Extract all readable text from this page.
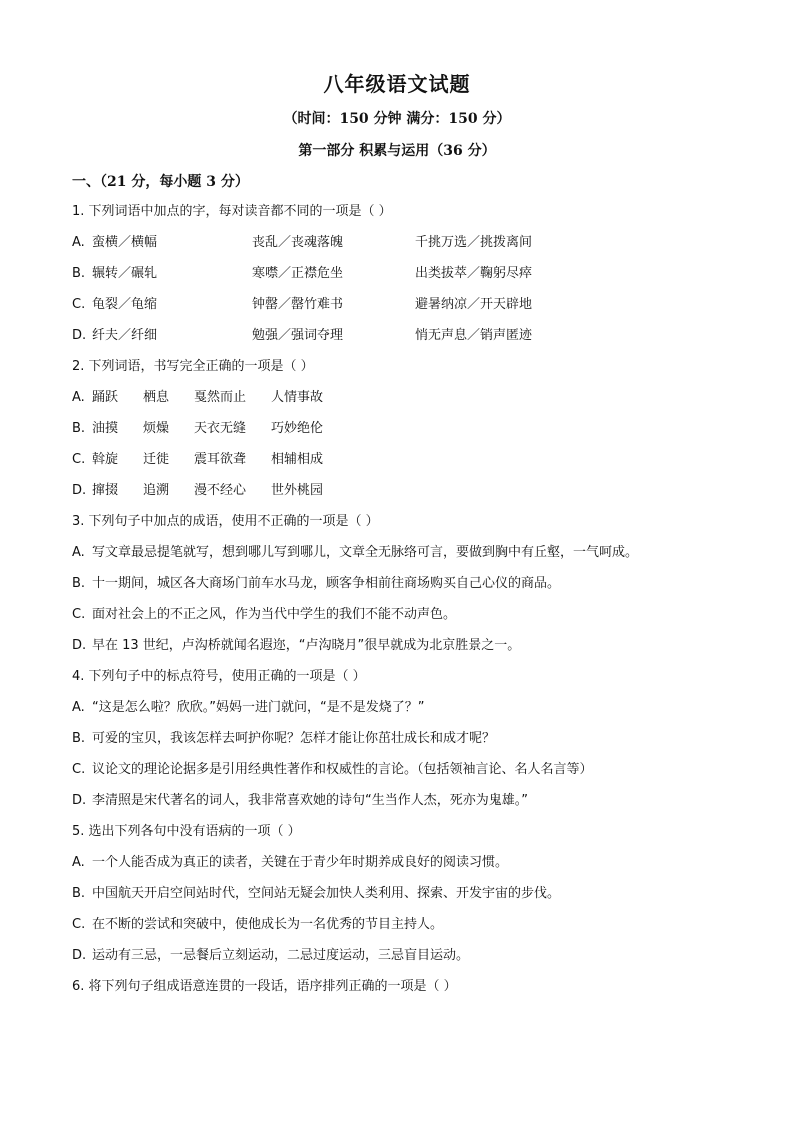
八年级语文试题
（时间：150 分钟 满分：150 分）
第一部分 积累与运用（36 分）
一、（21 分，每小题 3 分）
1. 下列词语中加点的字，每对读音都不同的一项是（ ）
A. 蛮横／横幅	丧乱／丧魂落魄	千挑万选／挑拨离间
B. 辗转／碾轧	寒噤／正襟危坐	出类拔萃／鞠躬尽瘁
C. 龟裂／龟缩	钟罄／罄竹难书	避暑纳凉／开天辟地
D. 纤夫／纤细	勉强／强词夺理	悄无声息／销声匿迹
2. 下列词语，书写完全正确的一项是（ ）
A. 踊跃	栖息	戛然而止	人情事故
B. 油摸	烦燥	天衣无缝	巧妙绝伦
C. 斡旋	迁徙	震耳欲聋	相辅相成
D. 撺掇	追溯	漫不经心	世外桃园
3. 下列句子中加点的成语，使用不正确的一项是（ ）
A. 写文章最忌提笔就写，想到哪儿写到哪儿，文章全无脉络可言，要做到胸中有丘壑，一气呵成。
B. 十一期间，城区各大商场门前车水马龙，顾客争相前往商场购买自己心仪的商品。
C. 面对社会上的不正之风，作为当代中学生的我们不能不动声色。
D. 早在 13 世纪，卢沟桥就闻名遐迩，“卢沟晓月”很早就成为北京胜景之一。
4. 下列句子中的标点符号，使用正确的一项是（ ）
A. “这是怎么啦？欣欣。”妈妈一进门就问，“是不是发烧了？”
B. 可爱的宝贝，我该怎样去呵护你呢？怎样才能让你茁壮成长和成才呢？
C. 议论文的理论论据多是引用经典性著作和权威性的言论。（包括领袖言论、名人名言等）
D. 李清照是宋代著名的词人，我非常喜欢她的诗句“生当作人杰，死亦为鬼雄。”
5. 选出下列各句中没有语病的一项（ ）
A. 一个人能否成为真正的读者，关键在于青少年时期养成良好的阅读习惯。
B. 中国航天开启空间站时代，空间站无疑会加快人类利用、探索、开发宇宙的步伐。
C. 在不断的尝试和突破中，使他成长为一名优秀的节目主持人。
D. 运动有三忌，一忌餐后立刻运动，二忌过度运动，三忌盲目运动。
6. 将下列句子组成语意连贯的一段话，语序排列正确的一项是（ ）
